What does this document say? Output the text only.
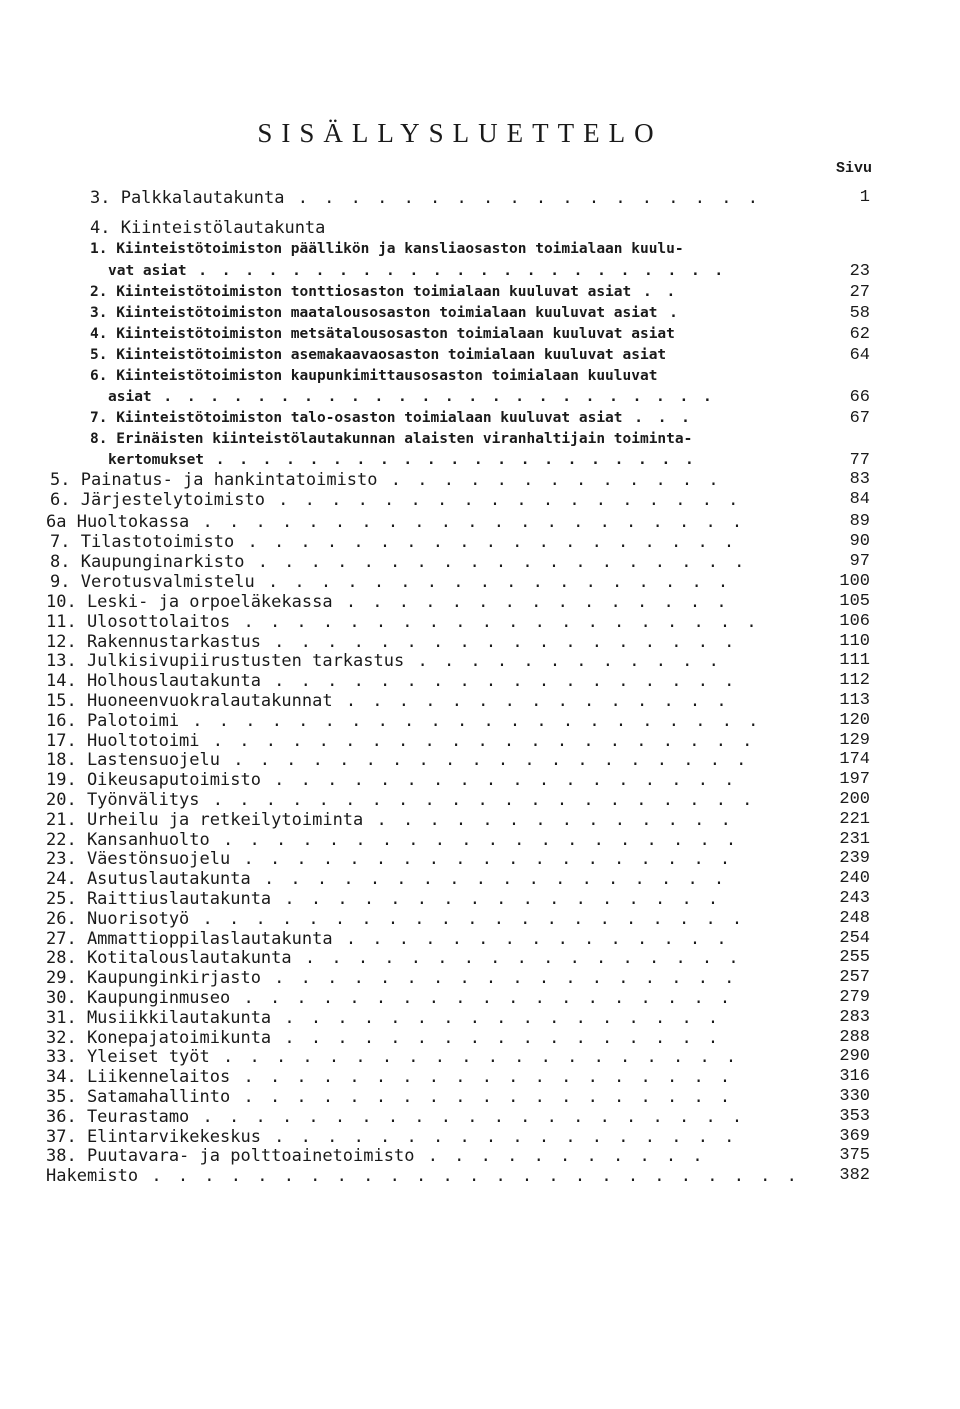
SISÄLLYSLUETTELO
Sivu
3. Palkkalautakunta . . . . . . . . . . . . . . . . . .	1
4. Kiinteistölautakunta
1. Kiinteistötoimiston päällikön ja kansliaosaston toimialaan kuulu-
vat asiat . . . . . . . . . . . . . . . . . . . . . . .	23
2. Kiinteistötoimiston tonttiosaston toimialaan kuuluvat asiat . .	27
3. Kiinteistötoimiston maatalousosaston toimialaan kuuluvat asiat .	58
4. Kiinteistötoimiston metsätalousosaston toimialaan kuuluvat asiat	62
5. Kiinteistötoimiston asemakaavaosaston toimialaan kuuluvat asiat	64
6. Kiinteistötoimiston kaupunkimittausosaston toimialaan kuuluvat
asiat . . . . . . . . . . . . . . . . . . . . . . . .	66
7. Kiinteistötoimiston talo-osaston toimialaan kuuluvat asiat . . .	67
8. Erinäisten kiinteistölautakunnan alaisten viranhaltijain toiminta-
kertomukset . . . . . . . . . . . . . . . . . . . . .	77
5. Painatus- ja hankintatoimisto . . . . . . . . . . . . .	83
6. Järjestelytoimisto . . . . . . . . . . . . . . . . . .	84
6a Huoltokassa . . . . . . . . . . . . . . . . . . . . .	89
7. Tilastotoimisto . . . . . . . . . . . . . . . . . . .	90
8. Kaupunginarkisto . . . . . . . . . . . . . . . . . . .	97
9. Verotusvalmistelu . . . . . . . . . . . . . . . . . .	100
10. Leski- ja orpoeläkekassa . . . . . . . . . . . . . . .	105
11. Ulosottolaitos . . . . . . . . . . . . . . . . . . . .	106
12. Rakennustarkastus . . . . . . . . . . . . . . . . . .	110
13. Julkisivupiirustusten tarkastus . . . . . . . . . . . .	111
14. Holhouslautakunta . . . . . . . . . . . . . . . . . .	112
15. Huoneenvuokralautakunnat . . . . . . . . . . . . . . .	113
16. Palotoimi . . . . . . . . . . . . . . . . . . . . . .	120
17. Huoltotoimi . . . . . . . . . . . . . . . . . . . . .	129
18. Lastensuojelu . . . . . . . . . . . . . . . . . . . .	174
19. Oikeusaputoimisto . . . . . . . . . . . . . . . . . .	197
20. Työnvälitys . . . . . . . . . . . . . . . . . . . . .	200
21. Urheilu ja retkeilytoiminta . . . . . . . . . . . . . .	221
22. Kansanhuolto . . . . . . . . . . . . . . . . . . . .	231
23. Väestönsuojelu . . . . . . . . . . . . . . . . . . .	239
24. Asutuslautakunta . . . . . . . . . . . . . . . . . .	240
25. Raittiuslautakunta . . . . . . . . . . . . . . . . .	243
26. Nuorisotyö . . . . . . . . . . . . . . . . . . . . .	248
27. Ammattioppilaslautakunta . . . . . . . . . . . . . . .	254
28. Kotitalouslautakunta . . . . . . . . . . . . . . . . .	255
29. Kaupunginkirjasto . . . . . . . . . . . . . . . . . .	257
30. Kaupunginmuseo . . . . . . . . . . . . . . . . . . .	279
31. Musiikkilautakunta . . . . . . . . . . . . . . . . .	283
32. Konepajatoimikunta . . . . . . . . . . . . . . . . .	288
33. Yleiset työt . . . . . . . . . . . . . . . . . . . .	290
34. Liikennelaitos . . . . . . . . . . . . . . . . . . .	316
35. Satamahallinto . . . . . . . . . . . . . . . . . . .	330
36. Teurastamo . . . . . . . . . . . . . . . . . . . . .	353
37. Elintarvikekeskus . . . . . . . . . . . . . . . . . .	369
38. Puutavara- ja polttoainetoimisto . . . . . . . . . . .	375
Hakemisto . . . . . . . . . . . . . . . . . . . . . . . . .	382
